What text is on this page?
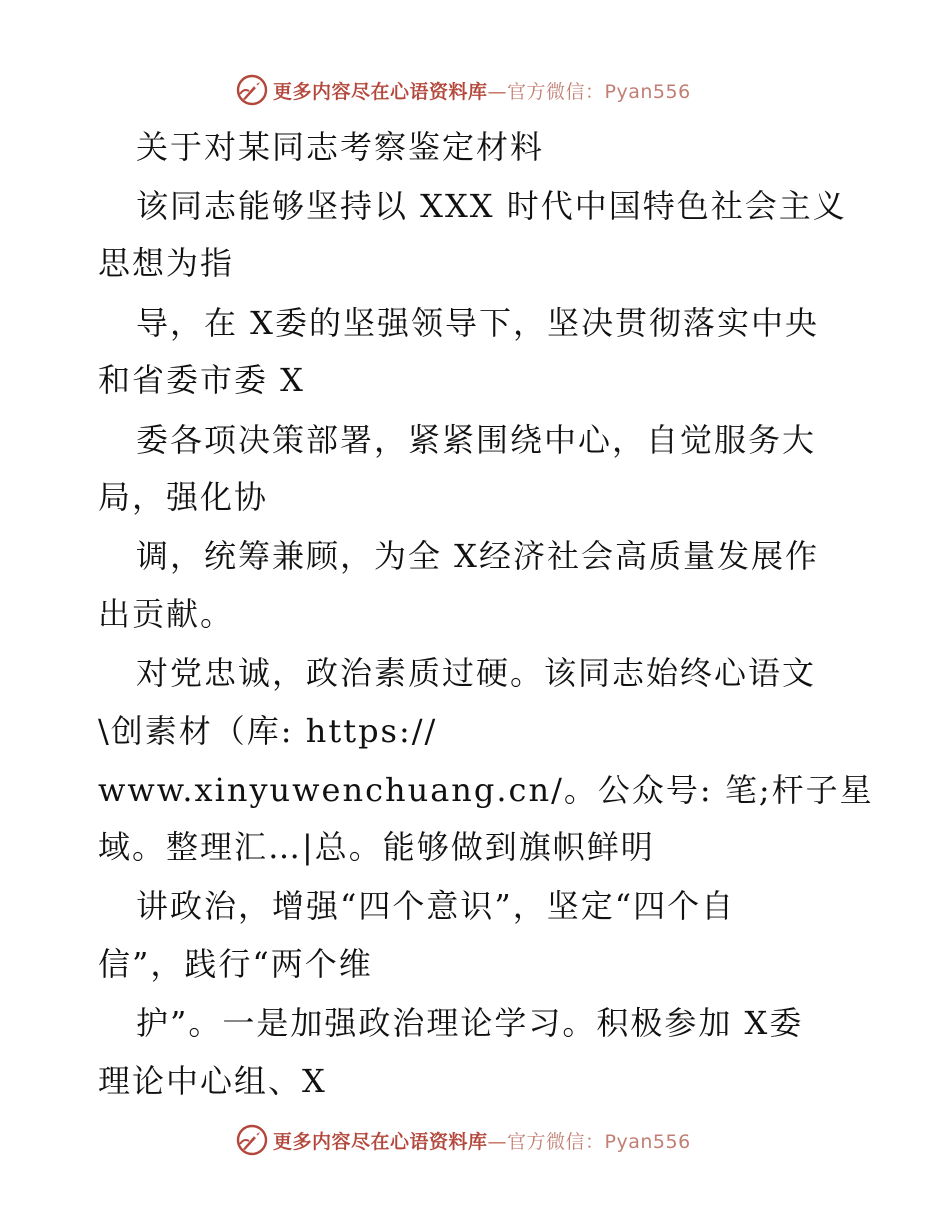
更多内容尽在心语资料库—官方微信：Pyan556
关于对某同志考察鉴定材料
该同志能够坚持以 XXX 时代中国特色社会主义
思想为指
导，在 X委的坚强领导下，坚决贯彻落实中央
和省委市委 X
委各项决策部署，紧紧围绕中心，自觉服务大
局，强化协
调，统筹兼顾，为全 X经济社会高质量发展作
出贡献。
对党忠诚，政治素质过硬。该同志始终心语文
\创素材（库: https://
www.xinyuwenchuang.cn/。公众号: 笔;杆子星
域。整理汇…|总。能够做到旗帜鲜明
讲政治，增强“四个意识”，坚定“四个自
信”，践行“两个维
护”。一是加强政治理论学习。积极参加 X委
理论中心组、X
更多内容尽在心语资料库—官方微信：Pyan556
